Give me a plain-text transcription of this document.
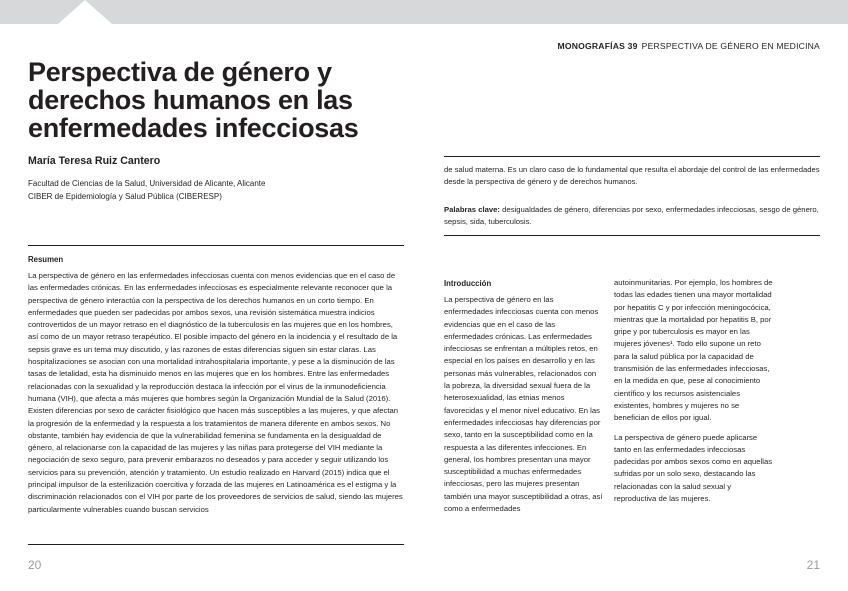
MONOGRAFÍAS 39 PERSPECTIVA DE GÉNERO EN MEDICINA
Perspectiva de género y derechos humanos en las enfermedades infecciosas

María Teresa Ruiz Cantero

Facultad de Ciencias de la Salud, Universidad de Alicante, Alicante
CIBER de Epidemiología y Salud Pública (CIBERESP)
Resumen

La perspectiva de género en las enfermedades infecciosas cuenta con menos evidencias que en el caso de las enfermedades crónicas. En las enfermedades infecciosas es especialmente relevante reconocer que la perspectiva de género interactúa con la perspectiva de los derechos humanos en un corto tiempo. En enfermedades que pueden ser padecidas por ambos sexos, una revisión sistemática muestra indicios controvertidos de un mayor retraso en el diagnóstico de la tuberculosis en las mujeres que en los hombres, así como de un mayor retraso terapéutico. El posible impacto del género en la incidencia y el resultado de la sepsis grave es un tema muy discutido, y las razones de estas diferencias siguen sin estar claras. Las hospitalizaciones se asocian con una mortalidad intrahospitalaria importante, y pese a la disminución de las tasas de letalidad, esta ha disminuido menos en las mujeres que en los hombres. Entre las enfermedades relacionadas con la sexualidad y la reproducción destaca la infección por el virus de la inmunodeficiencia humana (VIH), que afecta a más mujeres que hombres según la Organización Mundial de la Salud (2016). Existen diferencias por sexo de carácter fisiológico que hacen más susceptibles a las mujeres, y que afectan la progresión de la enfermedad y la respuesta a los tratamientos de manera diferente en ambos sexos. No obstante, también hay evidencia de que la vulnerabilidad femenina se fundamenta en la desigualdad de género, al relacionarse con la capacidad de las mujeres y las niñas para protegerse del VIH mediante la negociación de sexo seguro, para prevenir embarazos no deseados y para acceder y seguir utilizando los servicios para su prevención, atención y tratamiento. Un estudio realizado en Harvard (2015) indica que el principal impulsor de la esterilización coercitiva y forzada de las mujeres en Latinoamérica es el estigma y la discriminación relacionados con el VIH por parte de los proveedores de servicios de salud, siendo las mujeres particularmente vulnerables cuando buscan servicios

de salud materna. Es un claro caso de lo fundamental que resulta el abordaje del control de las enfermedades desde la perspectiva de género y de derechos humanos.

Palabras clave: desigualdades de género, diferencias por sexo, enfermedades infecciosas, sesgo de género, sepsis, sida, tuberculosis.

Introducción

La perspectiva de género en las enfermedades infecciosas cuenta con menos evidencias que en el caso de las enfermedades crónicas. Las enfermedades infecciosas se enfrentan a múltiples retos, en especial en los países en desarrollo y en las personas más vulnerables, relacionados con la pobreza, la diversidad sexual fuera de la heterosexualidad, las etnias menos favorecidas y el menor nivel educativo. En las enfermedades infecciosas hay diferencias por sexo, tanto en la susceptibilidad como en la respuesta a las diferentes infecciones. En general, los hombres presentan una mayor susceptibilidad a muchas enfermedades infecciosas, pero las mujeres presentan también una mayor susceptibilidad a otras, así como a enfermedades

autoinmunitarias. Por ejemplo, los hombres de todas las edades tienen una mayor mortalidad por hepatitis C y por infección meningocócica, mientras que la mortalidad por hepatitis B, por gripe y por tuberculosis es mayor en las mujeres jóvenes¹. Todo ello supone un reto para la salud pública por la capacidad de transmisión de las enfermedades infecciosas, en la medida en que, pese al conocimiento científico y los recursos asistenciales existentes, hombres y mujeres no se benefician de ellos por igual.

La perspectiva de género puede aplicarse tanto en las enfermedades infecciosas padecidas por ambos sexos como en aquellas sufridas por un solo sexo, destacando las relacionadas con la salud sexual y reproductiva de las mujeres.

20	21
